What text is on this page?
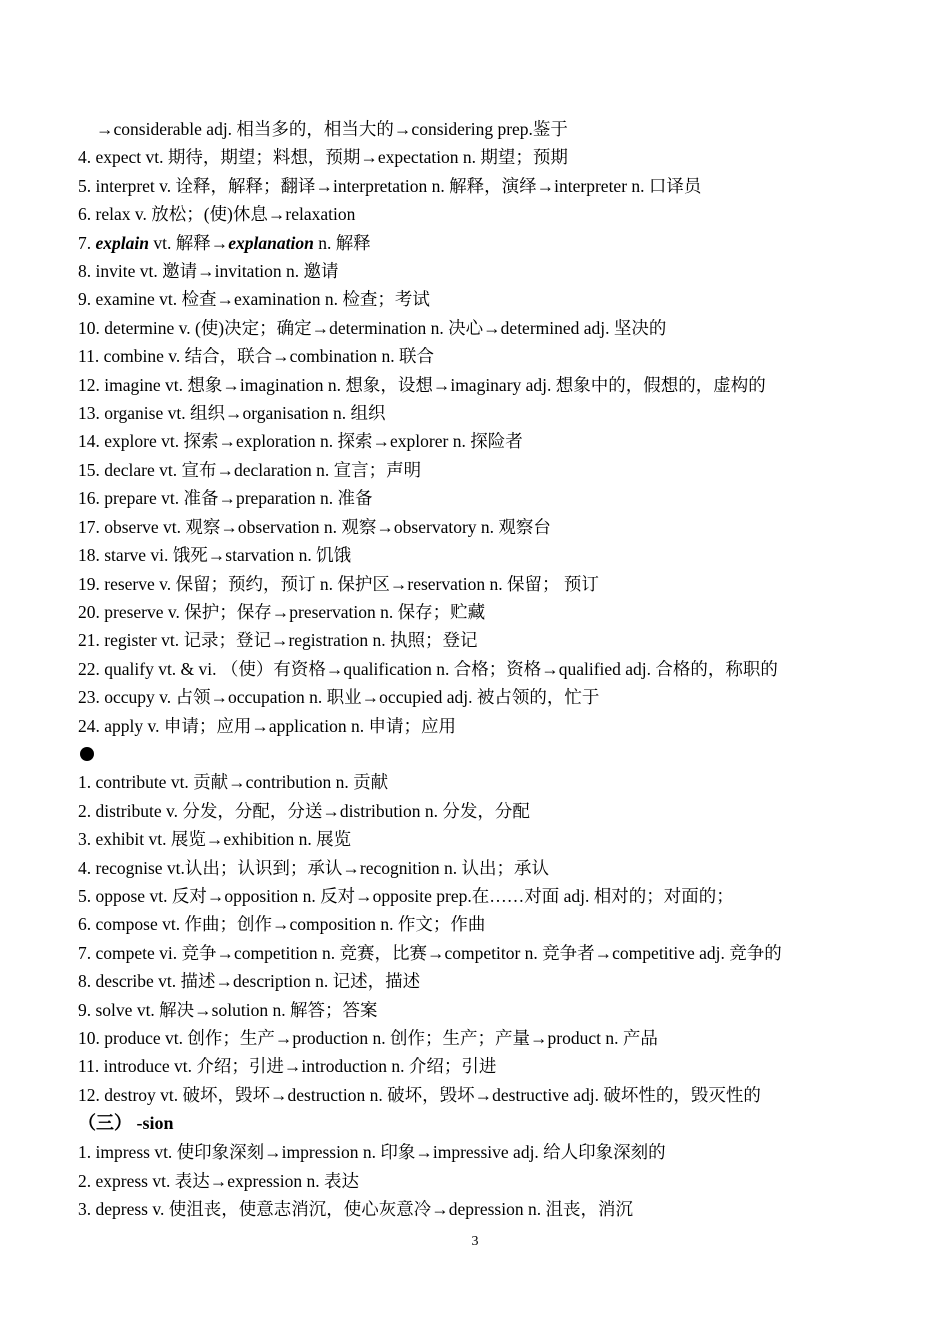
→considerable adj. 相当多的，相当大的→considering prep.鉴于
4. expect vt. 期待，期望；料想，预期→expectation n. 期望；预期
5. interpret v. 诠释，解释；翻译→interpretation n. 解释，演绎→interpreter n. 口译员
6. relax v. 放松；(使)休息→relaxation
7. explain vt. 解释→explanation n. 解释
8. invite vt. 邀请→invitation n. 邀请
9. examine vt. 检查→examination n. 检查；考试
10. determine v. (使)决定；确定→determination n. 决心→determined adj. 坚决的
11. combine v. 结合，联合→combination n. 联合
12. imagine vt. 想象→imagination n. 想象，设想→imaginary adj. 想象中的，假想的，虚构的
13. organise vt. 组织→organisation n. 组织
14. explore vt. 探索→exploration n. 探索→explorer n. 探险者
15. declare vt. 宣布→declaration n. 宣言；声明
16. prepare vt. 准备→preparation n. 准备
17. observe vt. 观察→observation n. 观察→observatory n. 观察台
18. starve vi. 饿死→starvation n. 饥饿
19. reserve v. 保留；预约，预订 n. 保护区→reservation n. 保留； 预订
20. preserve v. 保护；保存→preservation n. 保存；贮藏
21. register vt. 记录；登记→registration n. 执照；登记
22. qualify vt. & vi. （使）有资格→qualification n. 合格；资格→qualified adj. 合格的，称职的
23. occupy v. 占领→occupation n. 职业→occupied adj. 被占领的，忙于
24. apply v. 申请；应用→application n. 申请；应用
1. contribute vt. 贡献→contribution n. 贡献
2. distribute v. 分发，分配，分送→distribution n. 分发，分配
3. exhibit vt. 展览→exhibition n. 展览
4. recognise vt.认出；认识到；承认→recognition n. 认出；承认
5. oppose vt. 反对→opposition n. 反对→opposite prep.在……对面 adj. 相对的；对面的；
6. compose vt. 作曲；创作→composition n. 作文；作曲
7. compete vi. 竞争→competition n. 竞赛，比赛→competitor n. 竞争者→competitive adj. 竞争的
8. describe vt. 描述→description n. 记述，描述
9. solve vt. 解决→solution n. 解答；答案
10. produce vt. 创作；生产→production n. 创作；生产；产量→product n. 产品
11. introduce vt. 介绍；引进→introduction n. 介绍；引进
12. destroy vt. 破坏，毁坏→destruction n. 破坏，毁坏→destructive adj. 破坏性的，毁灭性的
（三） -sion
1. impress vt. 使印象深刻→impression n. 印象→impressive adj. 给人印象深刻的
2. express vt. 表达→expression n. 表达
3. depress v. 使沮丧，使意志消沉，使心灰意冷→depression n. 沮丧，消沉
3
